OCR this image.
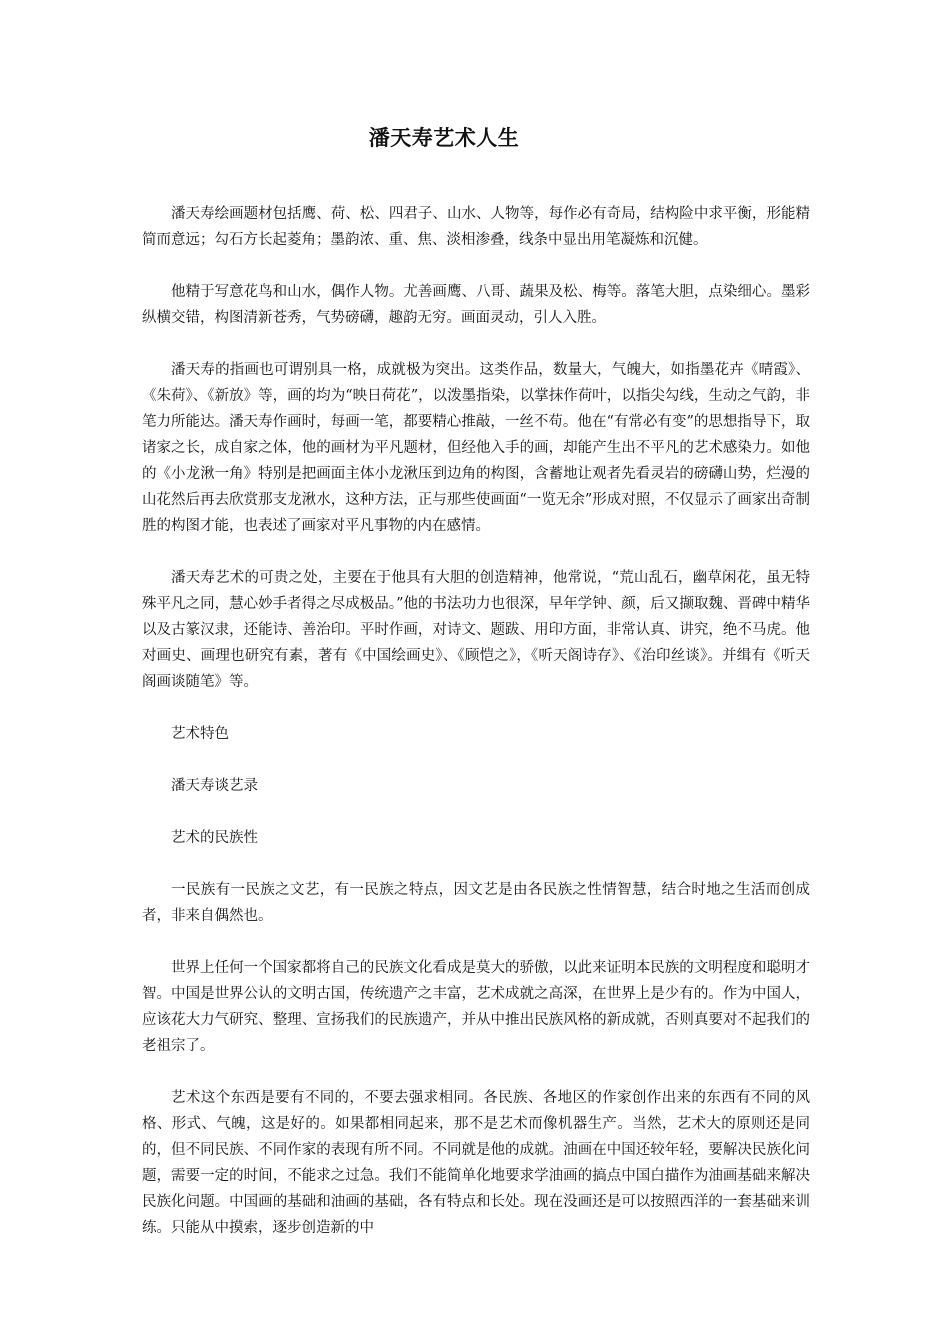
潘天寿艺术人生

潘天寿绘画题材包括鹰、荷、松、四君子、山水、人物等，每作必有奇局，结构险中求平衡，形能精简而意远；勾石方长起菱角；墨韵浓、重、焦、淡相渗叠，线条中显出用笔凝炼和沉健。

他精于写意花鸟和山水，偶作人物。尤善画鹰、八哥、蔬果及松、梅等。落笔大胆，点染细心。墨彩纵横交错，构图清新苍秀，气势磅礴，趣韵无穷。画面灵动，引人入胜。

潘天寿的指画也可谓别具一格，成就极为突出。这类作品，数量大，气魄大，如指墨花卉《晴霞》、《朱荷》、《新放》等，画的均为“映日荷花”，以泼墨指染，以掌抹作荷叶，以指尖勾线，生动之气韵，非笔力所能达。潘天寿作画时，每画一笔，都要精心推敲，一丝不苟。他在“有常必有变”的思想指导下，取诸家之长，成自家之体，他的画材为平凡题材，但经他入手的画，却能产生出不平凡的艺术感染力。如他的《小龙湫一角》特别是把画面主体小龙湫压到边角的构图，含蓄地让观者先看灵岩的磅礴山势，烂漫的山花然后再去欣赏那支龙湫水，这种方法，正与那些使画面“一览无余”形成对照，不仅显示了画家出奇制胜的构图才能，也表述了画家对平凡事物的内在感情。

潘天寿艺术的可贵之处，主要在于他具有大胆的创造精神，他常说，“荒山乱石，幽草闲花，虽无特殊平凡之同，慧心妙手者得之尽成极品。”他的书法功力也很深，早年学钟、颜，后又撷取魏、晋碑中精华以及古篆汉隶，还能诗、善治印。平时作画，对诗文、题跋、用印方面，非常认真、讲究，绝不马虎。他对画史、画理也研究有素，著有《中国绘画史》、《顾恺之》，《听天阁诗存》、《治印丝谈》。并缉有《听天阁画谈随笔》等。

艺术特色

潘天寿谈艺录

艺术的民族性

一民族有一民族之文艺，有一民族之特点，因文艺是由各民族之性情智慧，结合时地之生活而创成者，非来自偶然也。

世界上任何一个国家都将自己的民族文化看成是莫大的骄傲，以此来证明本民族的文明程度和聪明才智。中国是世界公认的文明古国，传统遗产之丰富，艺术成就之高深，在世界上是少有的。作为中国人，应该花大力气研究、整理、宣扬我们的民族遗产，并从中推出民族风格的新成就，否则真要对不起我们的老祖宗了。

艺术这个东西是要有不同的，不要去强求相同。各民族、各地区的作家创作出来的东西有不同的风格、形式、气魄，这是好的。如果都相同起来，那不是艺术而像机器生产。当然，艺术大的原则还是同的，但不同民族、不同作家的表现有所不同。不同就是他的成就。油画在中国还较年轻，要解决民族化问题，需要一定的时间，不能求之过急。我们不能简单化地要求学油画的搞点中国白描作为油画基础来解决民族化问题。中国画的基础和油画的基础，各有特点和长处。现在没画还是可以按照西洋的一套基础来训练。只能从中摸索，逐步创造新的中
